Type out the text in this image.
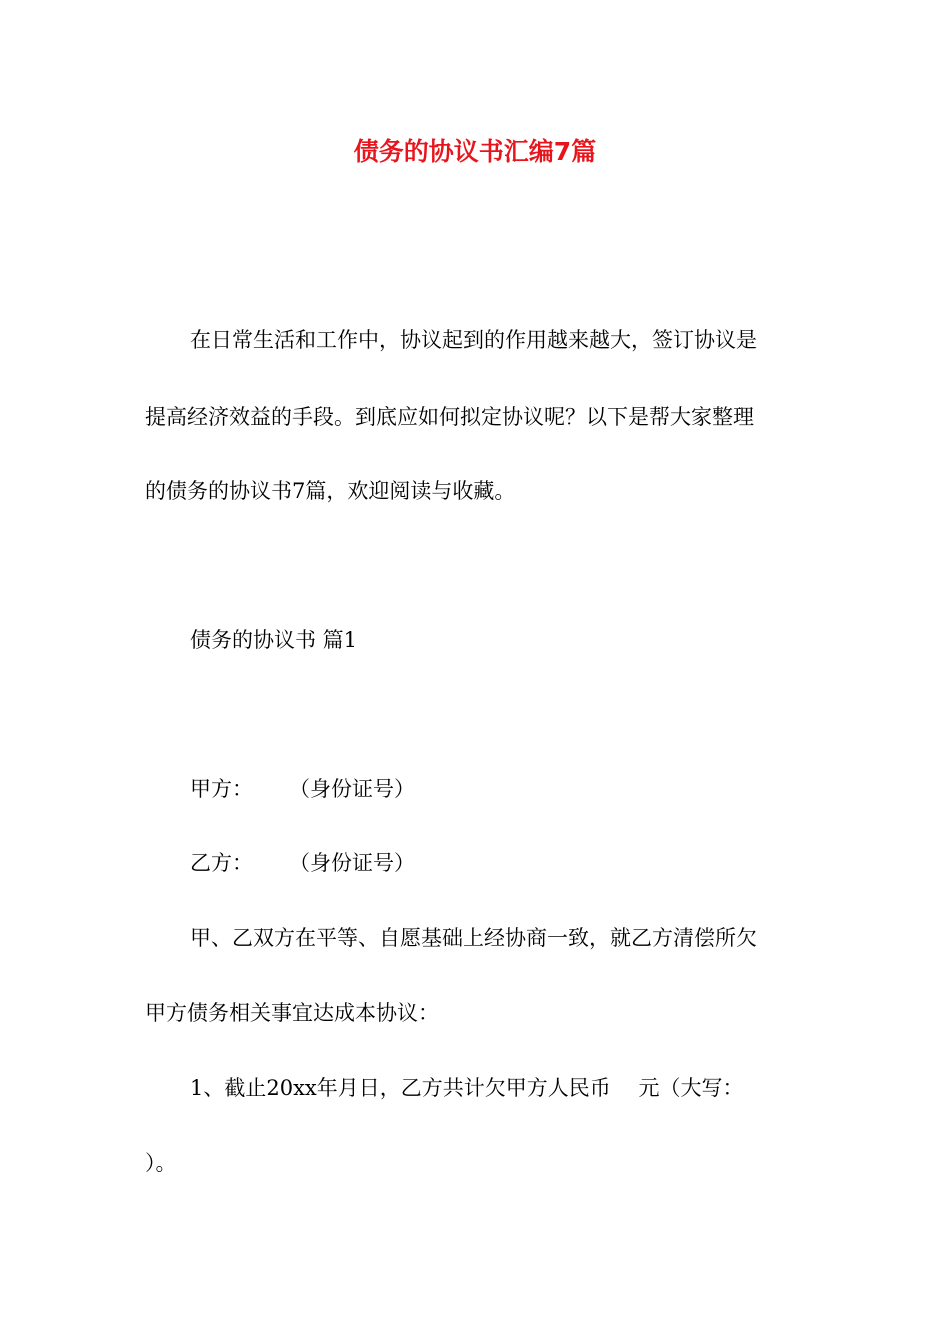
债务的协议书汇编7篇
在日常生活和工作中，协议起到的作用越来越大，签订协议是
提高经济效益的手段。到底应如何拟定协议呢？以下是帮大家整理
的债务的协议书7篇，欢迎阅读与收藏。
债务的协议书 篇1
甲方： （身份证号）
乙方： （身份证号）
甲、乙双方在平等、自愿基础上经协商一致，就乙方清偿所欠
甲方债务相关事宜达成本协议：
1、截止20xx年月日，乙方共计欠甲方人民币　 元（大写：
）。
